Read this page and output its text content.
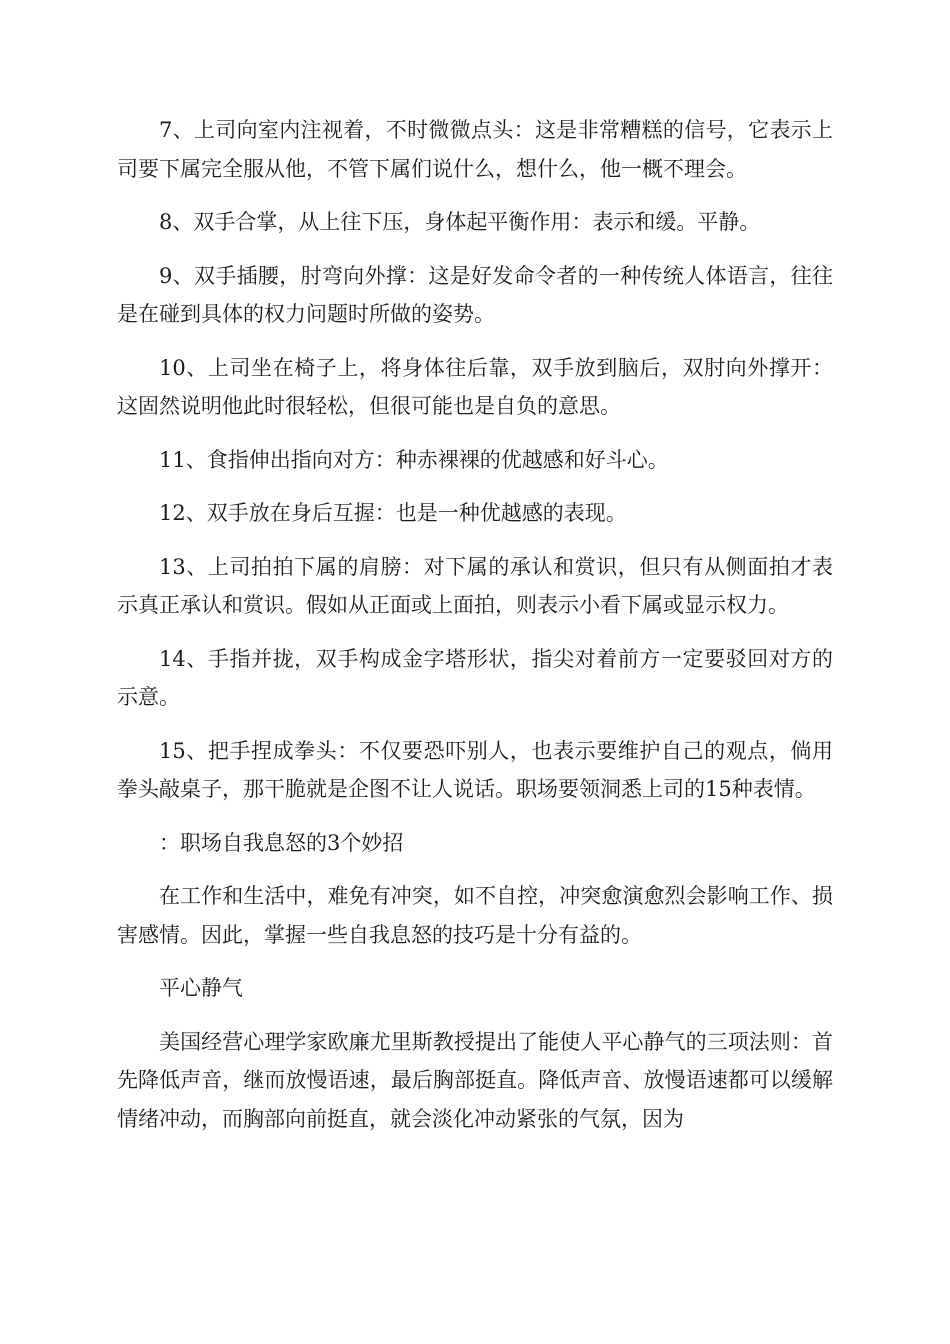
7、上司向室内注视着，不时微微点头：这是非常糟糕的信号，它表示上司要下属完全服从他，不管下属们说什么，想什么，他一概不理会。

8、双手合掌，从上往下压，身体起平衡作用：表示和缓。平静。

9、双手插腰，肘弯向外撑：这是好发命令者的一种传统人体语言，往往是在碰到具体的权力问题时所做的姿势。

10、上司坐在椅子上，将身体往后靠，双手放到脑后，双肘向外撑开：这固然说明他此时很轻松，但很可能也是自负的意思。

11、食指伸出指向对方：种赤裸裸的优越感和好斗心。

12、双手放在身后互握：也是一种优越感的表现。

13、上司拍拍下属的肩膀：对下属的承认和赏识，但只有从侧面拍才表示真正承认和赏识。假如从正面或上面拍，则表示小看下属或显示权力。

14、手指并拢，双手构成金字塔形状，指尖对着前方一定要驳回对方的示意。

15、把手捏成拳头：不仅要恐吓别人，也表示要维护自己的观点，倘用拳头敲桌子，那干脆就是企图不让人说话。职场要领洞悉上司的15种表情。

：职场自我息怒的3个妙招

在工作和生活中，难免有冲突，如不自控，冲突愈演愈烈会影响工作、损害感情。因此，掌握一些自我息怒的技巧是十分有益的。

平心静气

美国经营心理学家欧廉尤里斯教授提出了能使人平心静气的三项法则：首先降低声音，继而放慢语速，最后胸部挺直。降低声音、放慢语速都可以缓解情绪冲动，而胸部向前挺直，就会淡化冲动紧张的气氛，因为
